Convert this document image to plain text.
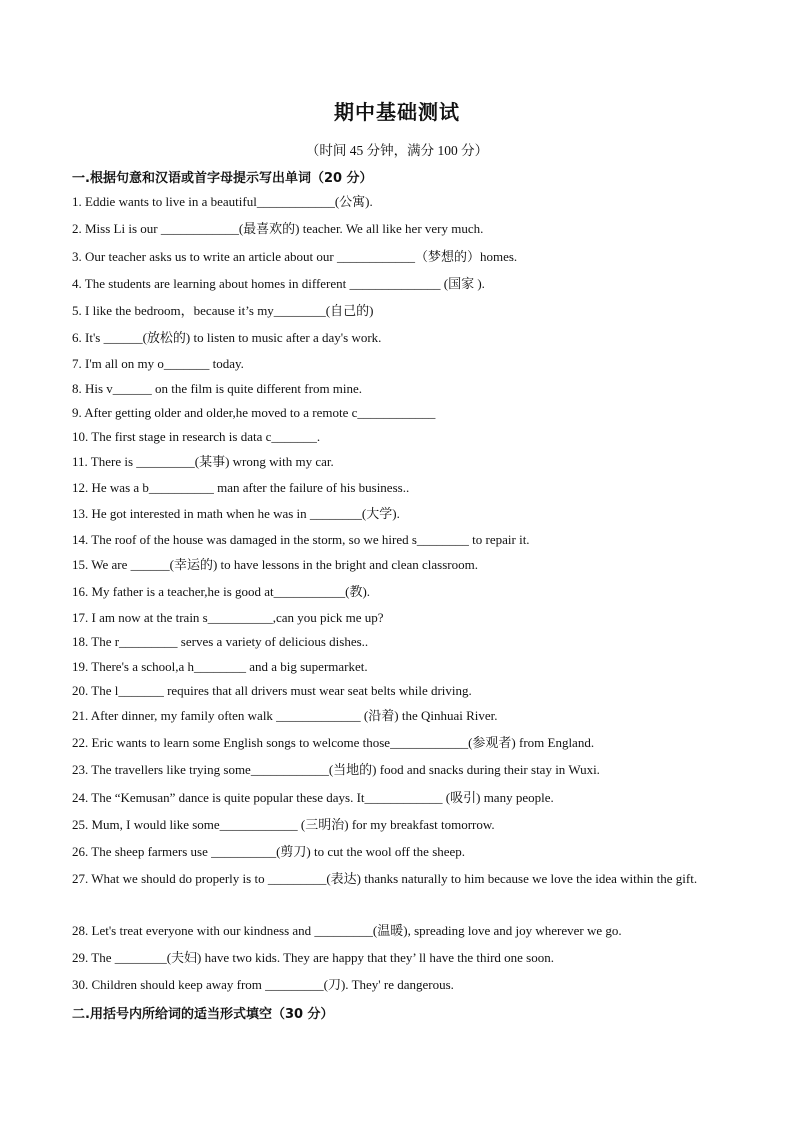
期中基础测试
（时间 45 分钟，满分 100 分）
一.根据句意和汉语或首字母提示写出单词（20 分）
1. Eddie wants to live in a beautiful____________(公寓).
2. Miss Li is our ____________(最喜欢的) teacher. We all like her very much.
3. Our teacher asks us to write an article about our ____________（梦想的）homes.
4. The students are learning about homes in different ______________ (国家 ).
5. I like the bedroom，because it’s my________(自己的)
6. It's ______(放松的) to listen to music after a day's work.
7. I'm all on my o_______ today.
8. His v______ on the film is quite different from mine.
9. After getting older and older,he moved to a remote c____________
10. The first stage in research is data c_______.
11. There is _________(某事) wrong with my car.
12. He was a b__________ man after the failure of his business..
13. He got interested in math when he was in ________(大学).
14. The roof of the house was damaged in the storm, so we hired s________ to repair it.
15. We are ______(幸运的) to have lessons in the bright and clean classroom.
16. My father is a teacher,he is good at___________(教).
17. I am now at the train s__________,can you pick me up?
18. The r_________ serves a variety of delicious dishes..
19. There's a school,a h________ and a big supermarket.
20. The l_______ requires that all drivers must wear seat belts while driving.
21. After dinner, my family often walk _____________ (沿着) the Qinhuai River.
22. Eric wants to learn some English songs to welcome those____________(参观者) from England.
23. The travellers like trying some____________(当地的) food and snacks during their stay in Wuxi.
24. The “Kemusan” dance is quite popular these days. It____________ (吸引) many people.
25. Mum, I would like some____________ (三明治) for my breakfast tomorrow.
26. The sheep farmers use __________(剪刀) to cut the wool off the sheep.
27. What we should do properly is to _________(表达) thanks naturally to him because we love the idea within the gift.
28. Let's treat everyone with our kindness and _________(温暖), spreading love and joy wherever we go.
29. The ________(夫妇) have two kids. They are happy that they’ ll have the third one soon.
30. Children should keep away from _________(刀). They' re dangerous.
二.用括号内所给词的适当形式填空（30 分）
